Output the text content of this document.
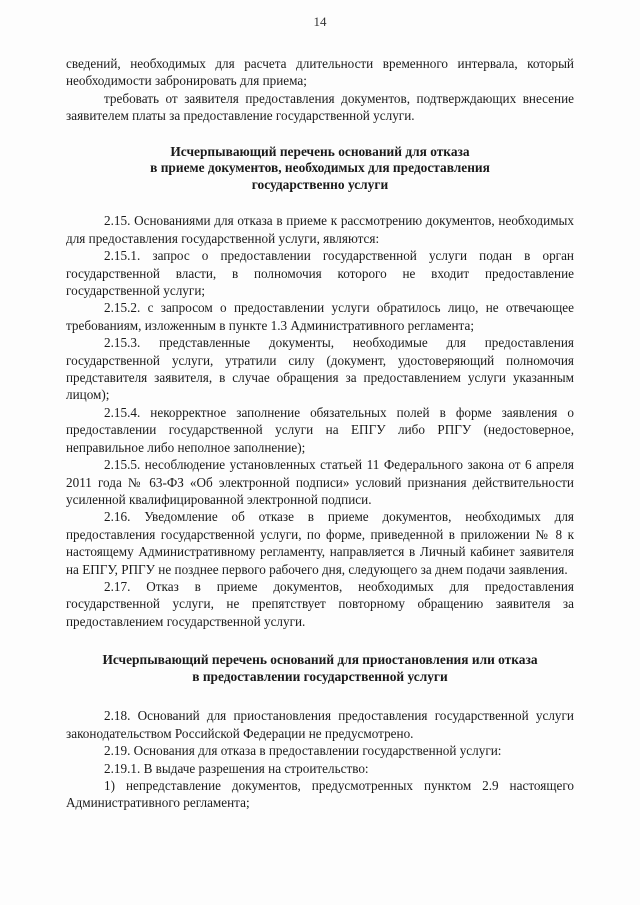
14

сведений, необходимых для расчета длительности временного интервала, который необходимости забронировать для приема;

требовать от заявителя предоставления документов, подтверждающих внесение заявителем платы за предоставление государственной услуги.

Исчерпывающий перечень оснований для отказа
в приеме документов, необходимых для предоставления
государственно услуги

2.15. Основаниями для отказа в приеме к рассмотрению документов, необходимых для предоставления государственной услуги, являются:

2.15.1. запрос о предоставлении государственной услуги подан в орган государственной власти, в полномочия которого не входит предоставление государственной услуги;

2.15.2. с запросом о предоставлении услуги обратилось лицо, не отвечающее требованиям, изложенным в пункте 1.3 Административного регламента;

2.15.3. представленные документы, необходимые для предоставления государственной услуги, утратили силу (документ, удостоверяющий полномочия представителя заявителя, в случае обращения за предоставлением услуги указанным лицом);

2.15.4. некорректное заполнение обязательных полей в форме заявления о предоставлении государственной услуги на ЕПГУ либо РПГУ (недостоверное, неправильное либо неполное заполнение);

2.15.5. несоблюдение установленных статьей 11 Федерального закона от 6 апреля 2011 года № 63-ФЗ «Об электронной подписи» условий признания действительности усиленной квалифицированной электронной подписи.

2.16. Уведомление об отказе в приеме документов, необходимых для предоставления государственной услуги, по форме, приведенной в приложении № 8 к настоящему Административному регламенту, направляется в Личный кабинет заявителя на ЕПГУ, РПГУ не позднее первого рабочего дня, следующего за днем подачи заявления.

2.17. Отказ в приеме документов, необходимых для предоставления государственной услуги, не препятствует повторному обращению заявителя за предоставлением государственной услуги.

Исчерпывающий перечень оснований для приостановления или отказа
в предоставлении государственной услуги

2.18. Оснований для приостановления предоставления государственной услуги законодательством Российской Федерации не предусмотрено.

2.19. Основания для отказа в предоставлении государственной услуги:

2.19.1. В выдаче разрешения на строительство:

1) непредставление документов, предусмотренных пунктом 2.9 настоящего Административного регламента;
